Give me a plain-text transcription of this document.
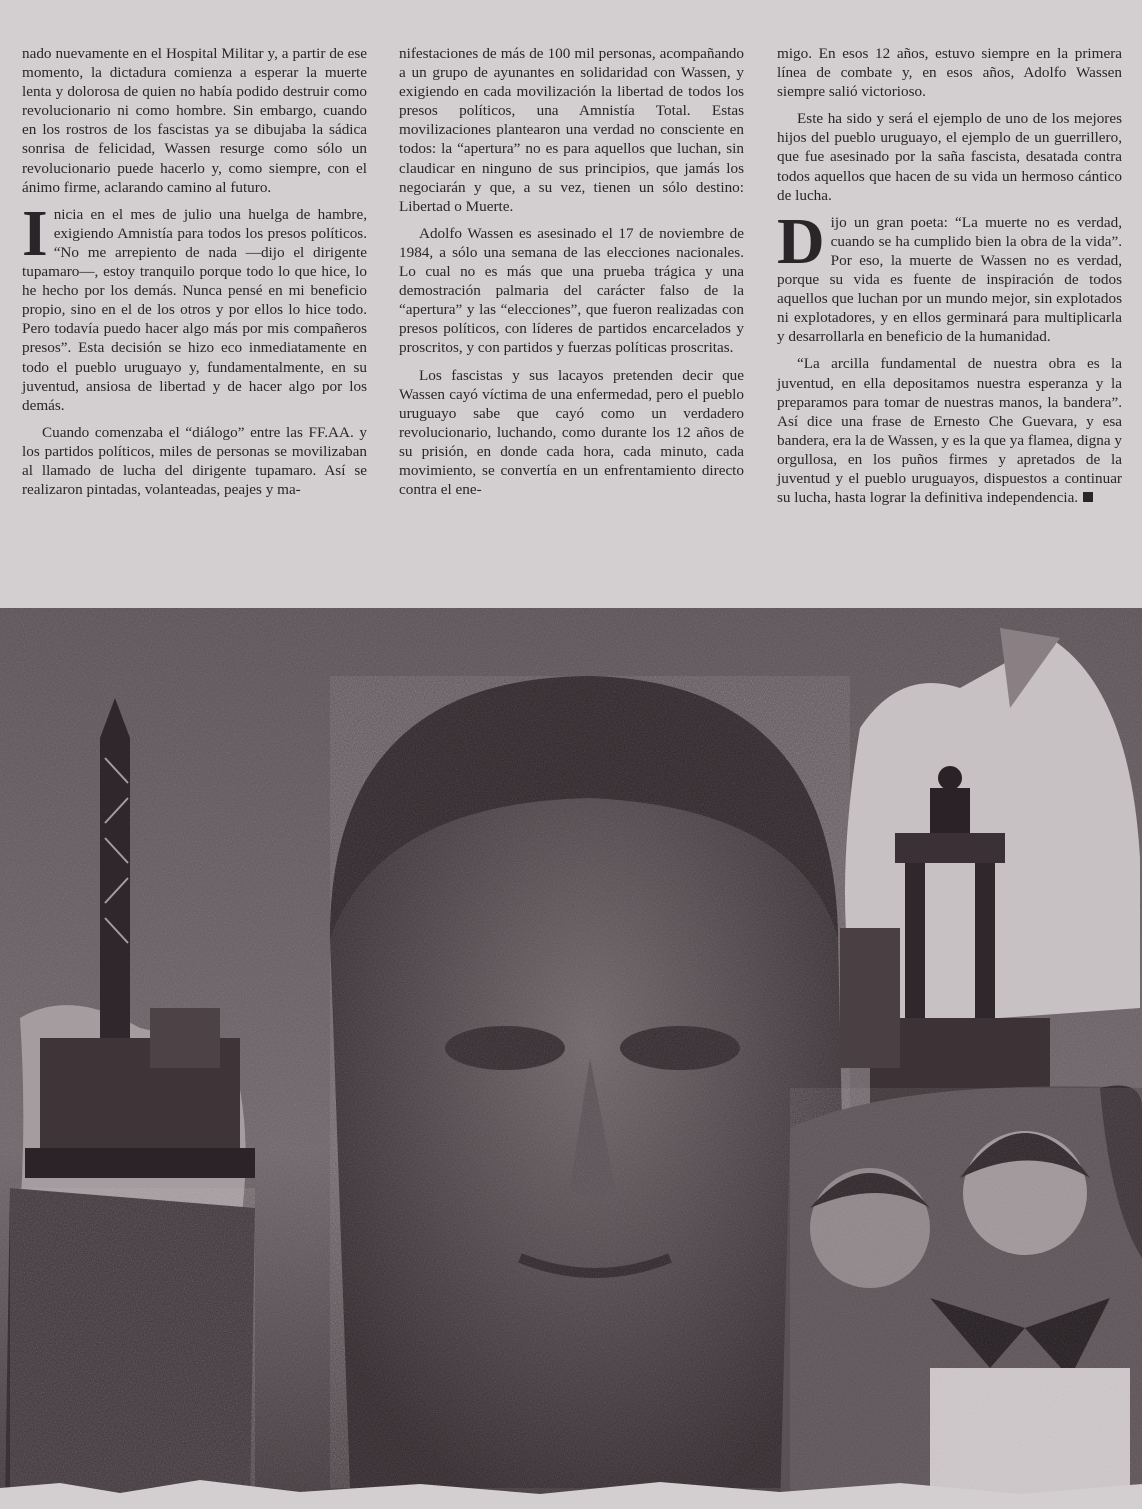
nado nuevamente en el Hospital Militar y, a partir de ese momento, la dictadura comienza a esperar la muerte lenta y dolorosa de quien no había podido destruir como revolucionario ni como hombre. Sin embargo, cuando en los rostros de los fascistas ya se dibujaba la sádica sonrisa de felicidad, Wassen resurge como sólo un revolucionario puede hacerlo y, como siempre, con el ánimo firme, aclarando camino al futuro.

I nicia en el mes de julio una huelga de hambre, exigiendo Amnistía para todos los presos políticos. “No me arrepiento de nada —dijo el dirigente tupamaro—, estoy tranquilo porque todo lo que hice, lo he hecho por los demás. Nunca pensé en mi beneficio propio, sino en el de los otros y por ellos lo hice todo. Pero todavía puedo hacer algo más por mis compañeros presos”. Esta decisión se hizo eco inmediatamente en todo el pueblo uruguayo y, fundamentalmente, en su juventud, ansiosa de libertad y de hacer algo por los demás.

Cuando comenzaba el “diálogo” entre las FF.AA. y los partidos políticos, miles de personas se movilizaban al llamado de lucha del dirigente tupamaro. Así se realizaron pintadas, volanteadas, peajes y ma-

nifestaciones de más de 100 mil personas, acompañando a un grupo de ayunantes en solidaridad con Wassen, y exigiendo en cada movilización la libertad de todos los presos políticos, una Amnistía Total. Estas movilizaciones plantearon una verdad no consciente en todos: la “apertura” no es para aquellos que luchan, sin claudicar en ninguno de sus principios, que jamás los negociarán y que, a su vez, tienen un sólo destino: Libertad o Muerte.

Adolfo Wassen es asesinado el 17 de noviembre de 1984, a sólo una semana de las elecciones nacionales. Lo cual no es más que una prueba trágica y una demostración palmaria del carácter falso de la “apertura” y las “elecciones”, que fueron realizadas con presos políticos, con líderes de partidos encarcelados y proscritos, y con partidos y fuerzas políticas proscritas.

Los fascistas y sus lacayos pretenden decir que Wassen cayó víctima de una enfermedad, pero el pueblo uruguayo sabe que cayó como un verdadero revolucionario, luchando, como durante los 12 años de su prisión, en donde cada hora, cada minuto, cada movimiento, se convertía en un enfrentamiento directo contra el ene-

migo. En esos 12 años, estuvo siempre en la primera línea de combate y, en esos años, Adolfo Wassen siempre salió victorioso.

Este ha sido y será el ejemplo de uno de los mejores hijos del pueblo uruguayo, el ejemplo de un guerrillero, que fue asesinado por la saña fascista, desatada contra todos aquellos que hacen de su vida un hermoso cántico de lucha.

D ijo un gran poeta: “La muerte no es verdad, cuando se ha cumplido bien la obra de la vida”. Por eso, la muerte de Wassen no es verdad, porque su vida es fuente de inspiración de todos aquellos que luchan por un mundo mejor, sin explotados ni explotadores, y en ellos germinará para multiplicarla y desarrollarla en beneficio de la humanidad.

“La arcilla fundamental de nuestra obra es la juventud, en ella depositamos nuestra esperanza y la preparamos para tomar de nuestras manos, la bandera”. Así dice una frase de Ernesto Che Guevara, y esa bandera, era la de Wassen, y es la que ya flamea, digna y orgullosa, en los puños firmes y apretados de la juventud y el pueblo uruguayos, dispuestos a continuar su lucha, hasta lograr la definitiva independencia.
